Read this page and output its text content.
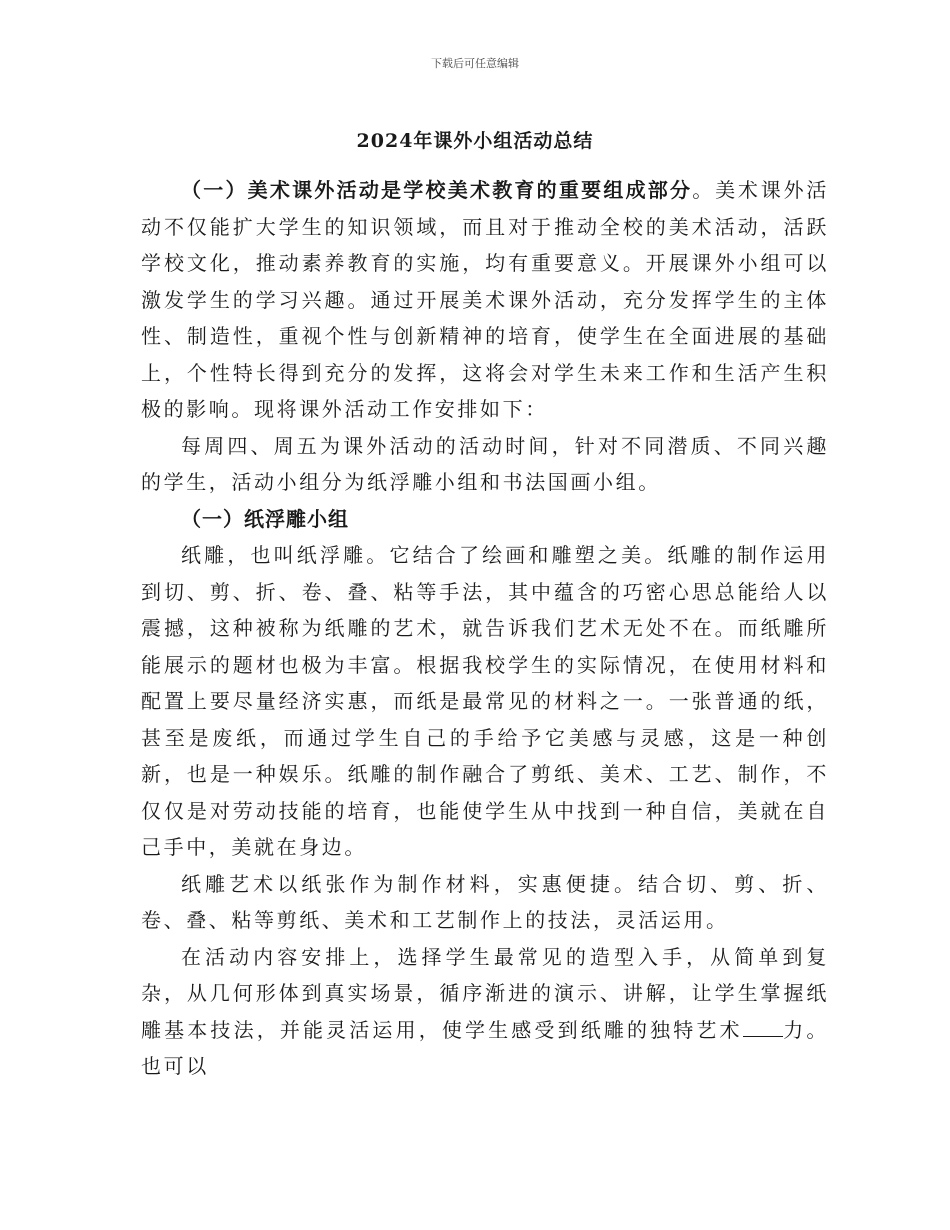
下载后可任意编辑
2024年课外小组活动总结

（一）美术课外活动是学校美术教育的重要组成部分。美术课外活动不仅能扩大学生的知识领域，而且对于推动全校的美术活动，活跃学校文化，推动素养教育的实施，均有重要意义。开展课外小组可以激发学生的学习兴趣。通过开展美术课外活动，充分发挥学生的主体性、制造性，重视个性与创新精神的培育，使学生在全面进展的基础上，个性特长得到充分的发挥，这将会对学生未来工作和生活产生积极的影响。现将课外活动工作安排如下：

每周四、周五为课外活动的活动时间，针对不同潜质、不同兴趣的学生，活动小组分为纸浮雕小组和书法国画小组。

（一）纸浮雕小组

纸雕，也叫纸浮雕。它结合了绘画和雕塑之美。纸雕的制作运用到切、剪、折、卷、叠、粘等手法，其中蕴含的巧密心思总能给人以震撼，这种被称为纸雕的艺术，就告诉我们艺术无处不在。而纸雕所能展示的题材也极为丰富。根据我校学生的实际情况，在使用材料和配置上要尽量经济实惠，而纸是最常见的材料之一。一张普通的纸，甚至是废纸，而通过学生自己的手给予它美感与灵感，这是一种创新，也是一种娱乐。纸雕的制作融合了剪纸、美术、工艺、制作，不仅仅是对劳动技能的培育，也能使学生从中找到一种自信，美就在自己手中，美就在身边。

纸雕艺术以纸张作为制作材料，实惠便捷。结合切、剪、折、卷、叠、粘等剪纸、美术和工艺制作上的技法，灵活运用。

在活动内容安排上，选择学生最常见的造型入手，从简单到复杂，从几何形体到真实场景，循序渐进的演示、讲解，让学生掌握纸雕基本技法，并能灵活运用，使学生感受到纸雕的独特艺术 力。也可以
